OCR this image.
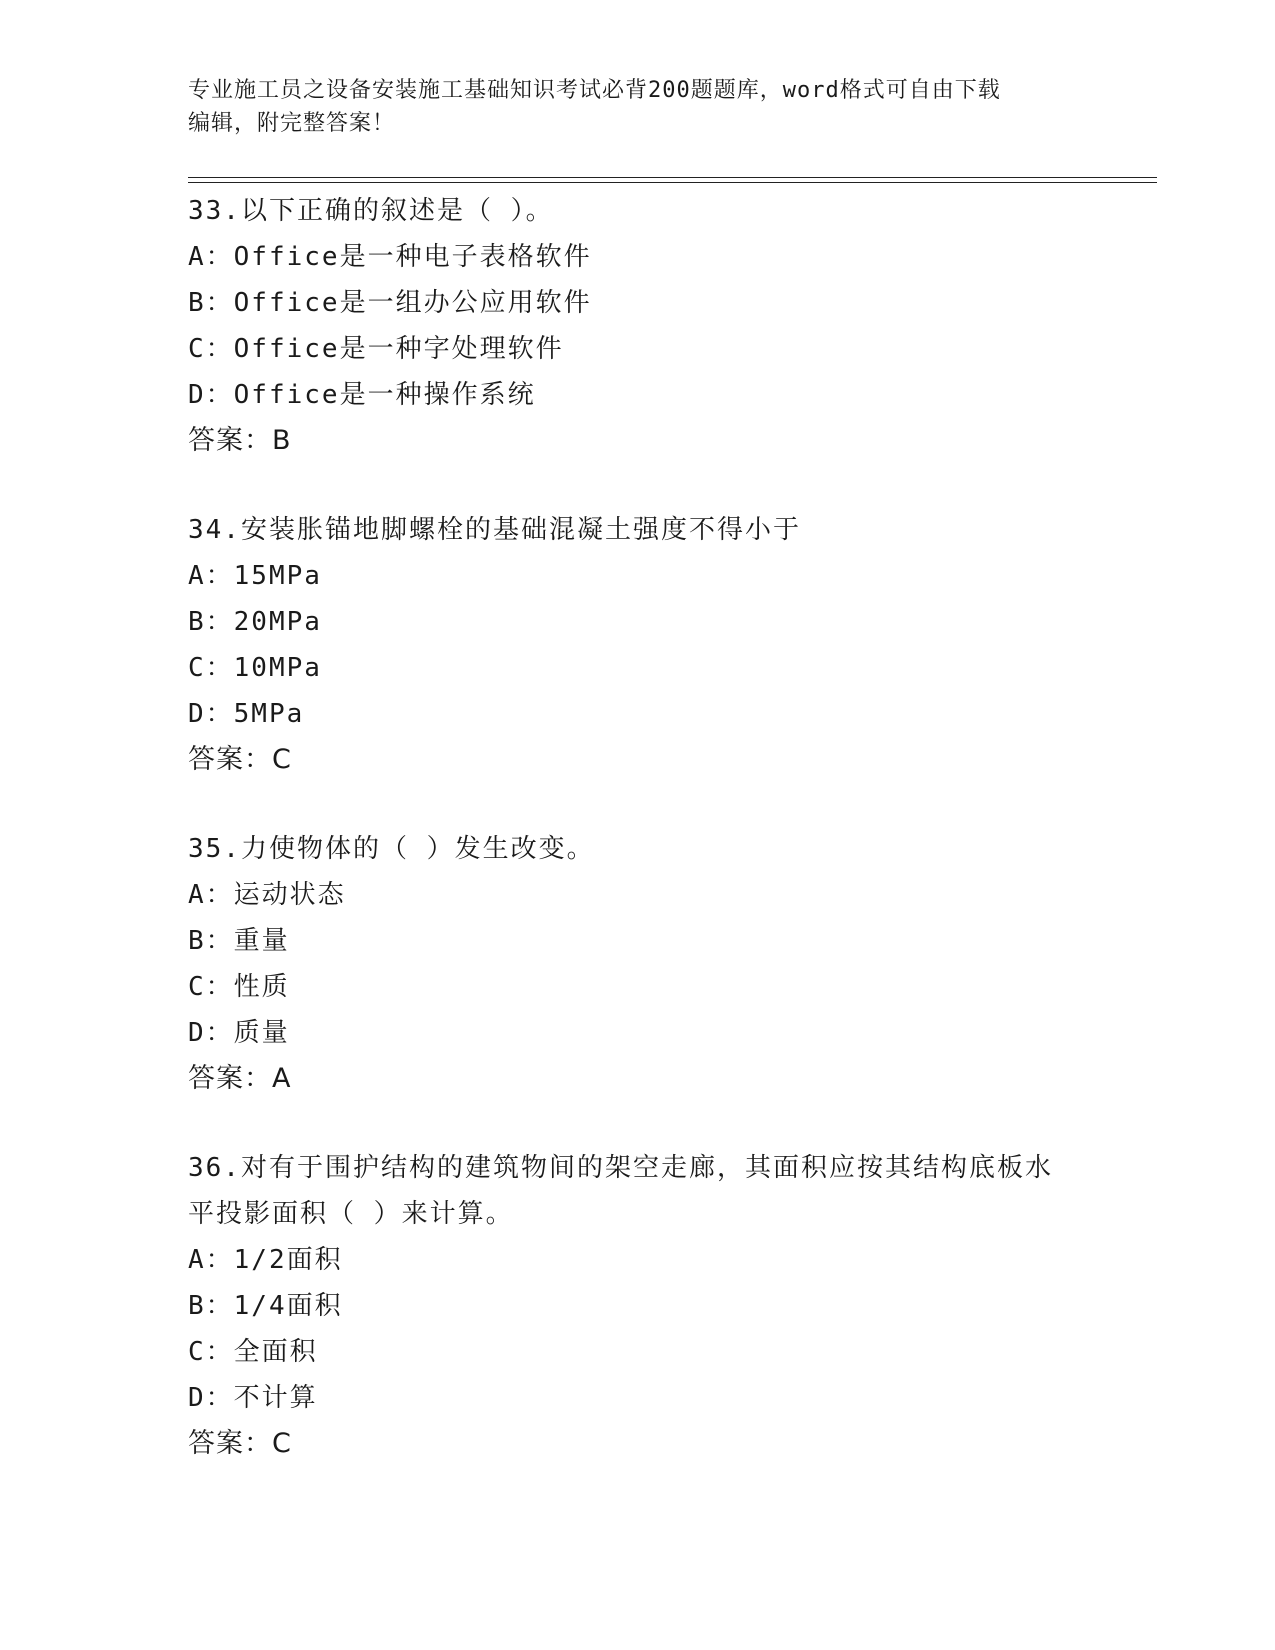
专业施工员之设备安装施工基础知识考试必背200题题库，word格式可自由下载
编辑，附完整答案！
33.以下正确的叙述是（ ）。
A：Office是一种电子表格软件
B：Office是一组办公应用软件
C：Office是一种字处理软件
D：Office是一种操作系统
答案：B
34.安装胀锚地脚螺栓的基础混凝土强度不得小于
A：15MPa
B：20MPa
C：10MPa
D：5MPa
答案：C
35.力使物体的（ ）发生改变。
A：运动状态
B：重量
C：性质
D：质量
答案：A
36.对有于围护结构的建筑物间的架空走廊，其面积应按其结构底板水
平投影面积（ ）来计算。
A：1/2面积
B：1/4面积
C：全面积
D：不计算
答案：C
